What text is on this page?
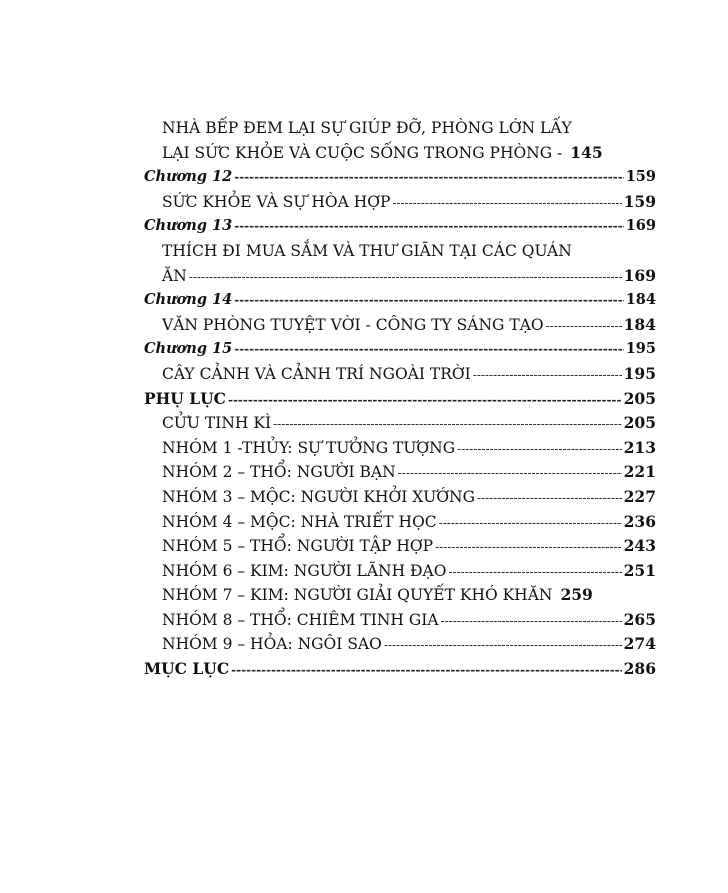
NHÀ BẾP ĐEM LẠI SỰ GIÚP ĐỠ, PHÒNG LỚN LẤY
LẠI SỨC KHỎE VÀ CUỘC SỐNG TRONG PHÒNG - 145
Chương 12 -----	159
SỨC KHỎE VÀ SỰ HÒA HỢP -----	159
Chương 13 -----	169
THÍCH ĐI MUA SẮM VÀ THƯ GIÃN TẠI CÁC QUÁN
ĂN -----	169
Chương 14 -----	184
VĂN PHÒNG TUYỆT VỜI - CÔNG TY SÁNG TẠO -----	184
Chương 15 -----	195
CÂY CẢNH VÀ CẢNH TRÍ NGOÀI TRỜI -----	195
PHỤ LỤC -----	205
CỬU TINH KÌ -----	205
NHÓM 1 -THỦY: SỰ TƯỞNG TƯỢNG -----	213
NHÓM 2 – THỔ: NGƯỜI BẠN -----	221
NHÓM 3 – MỘC: NGƯỜI KHỞI XƯỚNG -----	227
NHÓM 4 – MỘC: NHÀ TRIẾT HỌC -----	236
NHÓM 5 – THỔ: NGƯỜI TẬP HỢP -----	243
NHÓM 6 – KIM: NGƯỜI LÃNH ĐẠO -----	251
NHÓM 7 – KIM: NGƯỜI GIẢI QUYẾT KHÓ KHĂN 259
NHÓM 8 – THỔ: CHIÊM TINH GIA -----	265
NHÓM 9 – HỎA: NGÔI SAO -----	274
MỤC LỤC -----	286
